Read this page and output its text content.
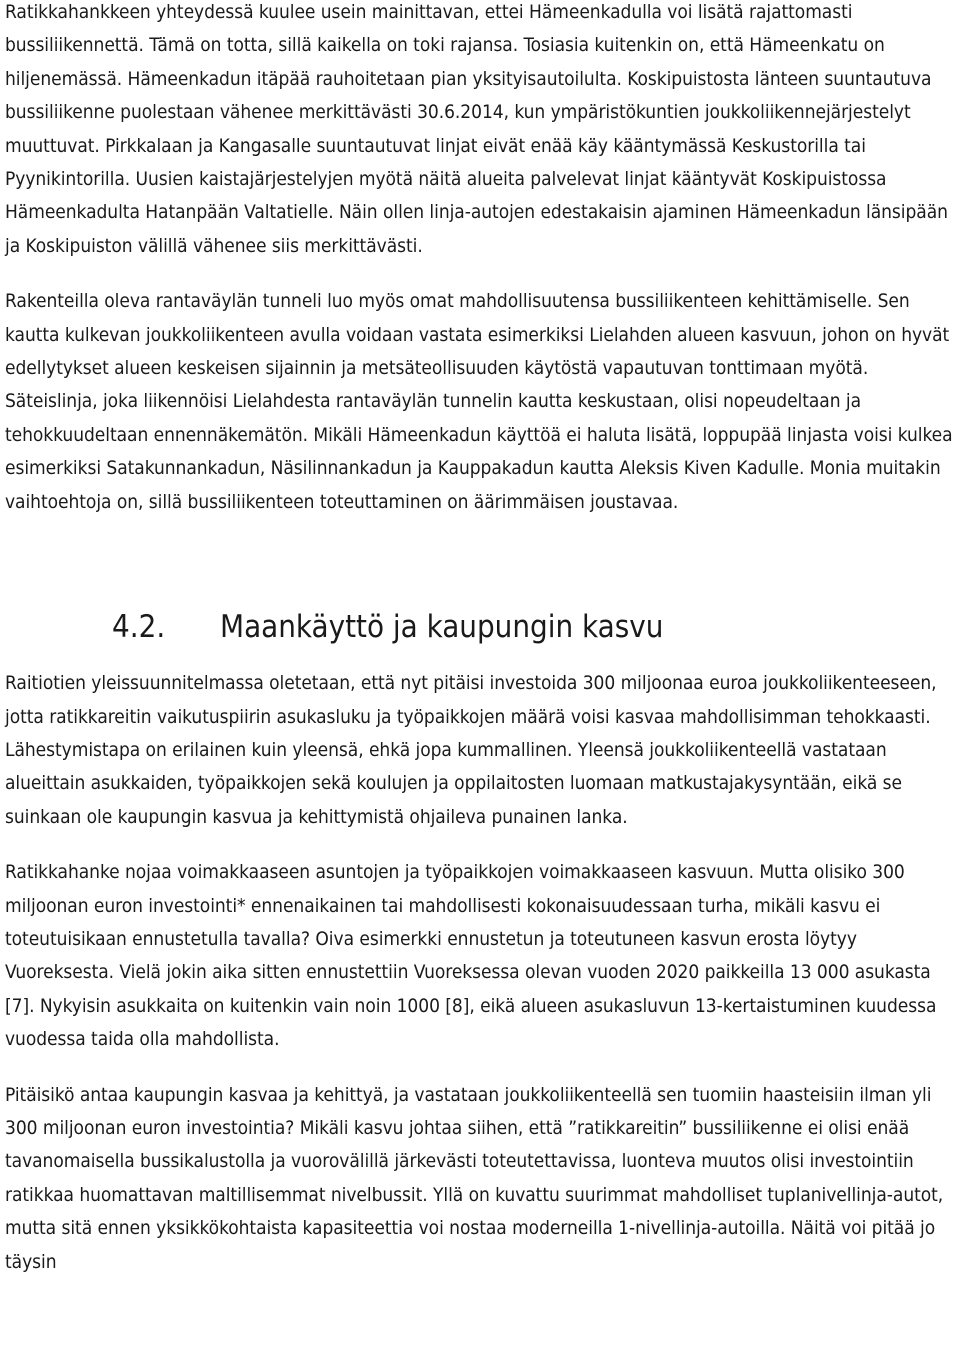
Ratikkahankkeen yhteydessä kuulee usein mainittavan, ettei Hämeenkadulla voi lisätä rajattomasti bussiliikennettä. Tämä on totta, sillä kaikella on toki rajansa. Tosiasia kuitenkin on, että Hämeenkatu on hiljenemässä. Hämeenkadun itäpää rauhoitetaan pian yksityisautoilulta. Koskipuistosta länteen suuntautuva bussiliikenne puolestaan vähenee merkittävästi 30.6.2014, kun ympäristökuntien joukkoliikennejärjestelyt muuttuvat. Pirkkalaan ja Kangasalle suuntautuvat linjat eivät enää käy kääntymässä Keskustorilla tai Pyynikintorilla. Uusien kaistajärjestelyjen myötä näitä alueita palvelevat linjat kääntyvät Koskipuistossa Hämeenkadulta Hatanpään Valtatielle. Näin ollen linja-autojen edestakaisin ajaminen Hämeenkadun länsipään ja Koskipuiston välillä vähenee siis merkittävästi.

Rakenteilla oleva rantaväylän tunneli luo myös omat mahdollisuutensa bussiliikenteen kehittämiselle. Sen kautta kulkevan joukkoliikenteen avulla voidaan vastata esimerkiksi Lielahden alueen kasvuun, johon on hyvät edellytykset alueen keskeisen sijainnin ja metsäteollisuuden käytöstä vapautuvan tonttimaan myötä. Säteislinja, joka liikennöisi Lielahdesta rantaväylän tunnelin kautta keskustaan, olisi nopeudeltaan ja tehokkuudeltaan ennennäkemätön. Mikäli Hämeenkadun käyttöä ei haluta lisätä, loppupää linjasta voisi kulkea esimerkiksi Satakunnankadun, Näsilinnankadun ja Kauppakadun kautta Aleksis Kiven Kadulle. Monia muitakin vaihtoehtoja on, sillä bussiliikenteen toteuttaminen on äärimmäisen joustavaa.

4.2. Maankäyttö ja kaupungin kasvu

Raitiotien yleissuunnitelmassa oletetaan, että nyt pitäisi investoida 300 miljoonaa euroa joukkoliikenteeseen, jotta ratikkareitin vaikutuspiirin asukasluku ja työpaikkojen määrä voisi kasvaa mahdollisimman tehokkaasti. Lähestymistapa on erilainen kuin yleensä, ehkä jopa kummallinen. Yleensä joukkoliikenteellä vastataan alueittain asukkaiden, työpaikkojen sekä koulujen ja oppilaitosten luomaan matkustajakysyntään, eikä se suinkaan ole kaupungin kasvua ja kehittymistä ohjaileva punainen lanka.

Ratikkahanke nojaa voimakkaaseen asuntojen ja työpaikkojen voimakkaaseen kasvuun. Mutta olisiko 300 miljoonan euron investointi* ennenaikainen tai mahdollisesti kokonaisuudessaan turha, mikäli kasvu ei toteutuisikaan ennustetulla tavalla? Oiva esimerkki ennustetun ja toteutuneen kasvun erosta löytyy Vuoreksesta. Vielä jokin aika sitten ennustettiin Vuoreksessa olevan vuoden 2020 paikkeilla 13 000 asukasta [7]. Nykyisin asukkaita on kuitenkin vain noin 1000 [8], eikä alueen asukasluvun 13-kertaistuminen kuudessa vuodessa taida olla mahdollista.

Pitäisikö antaa kaupungin kasvaa ja kehittyä, ja vastataan joukkoliikenteellä sen tuomiin haasteisiin ilman yli 300 miljoonan euron investointia? Mikäli kasvu johtaa siihen, että ”ratikkareitin” bussiliikenne ei olisi enää tavanomaisella bussikalustolla ja vuorovälillä järkevästi toteutettavissa, luonteva muutos olisi investointiin ratikkaa huomattavan maltillisemmat nivelbussit. Yllä on kuvattu suurimmat mahdolliset tuplanivellinja-autot, mutta sitä ennen yksikkökohtaista kapasiteettia voi nostaa moderneilla 1-nivellinja-autoilla. Näitä voi pitää jo täysin
